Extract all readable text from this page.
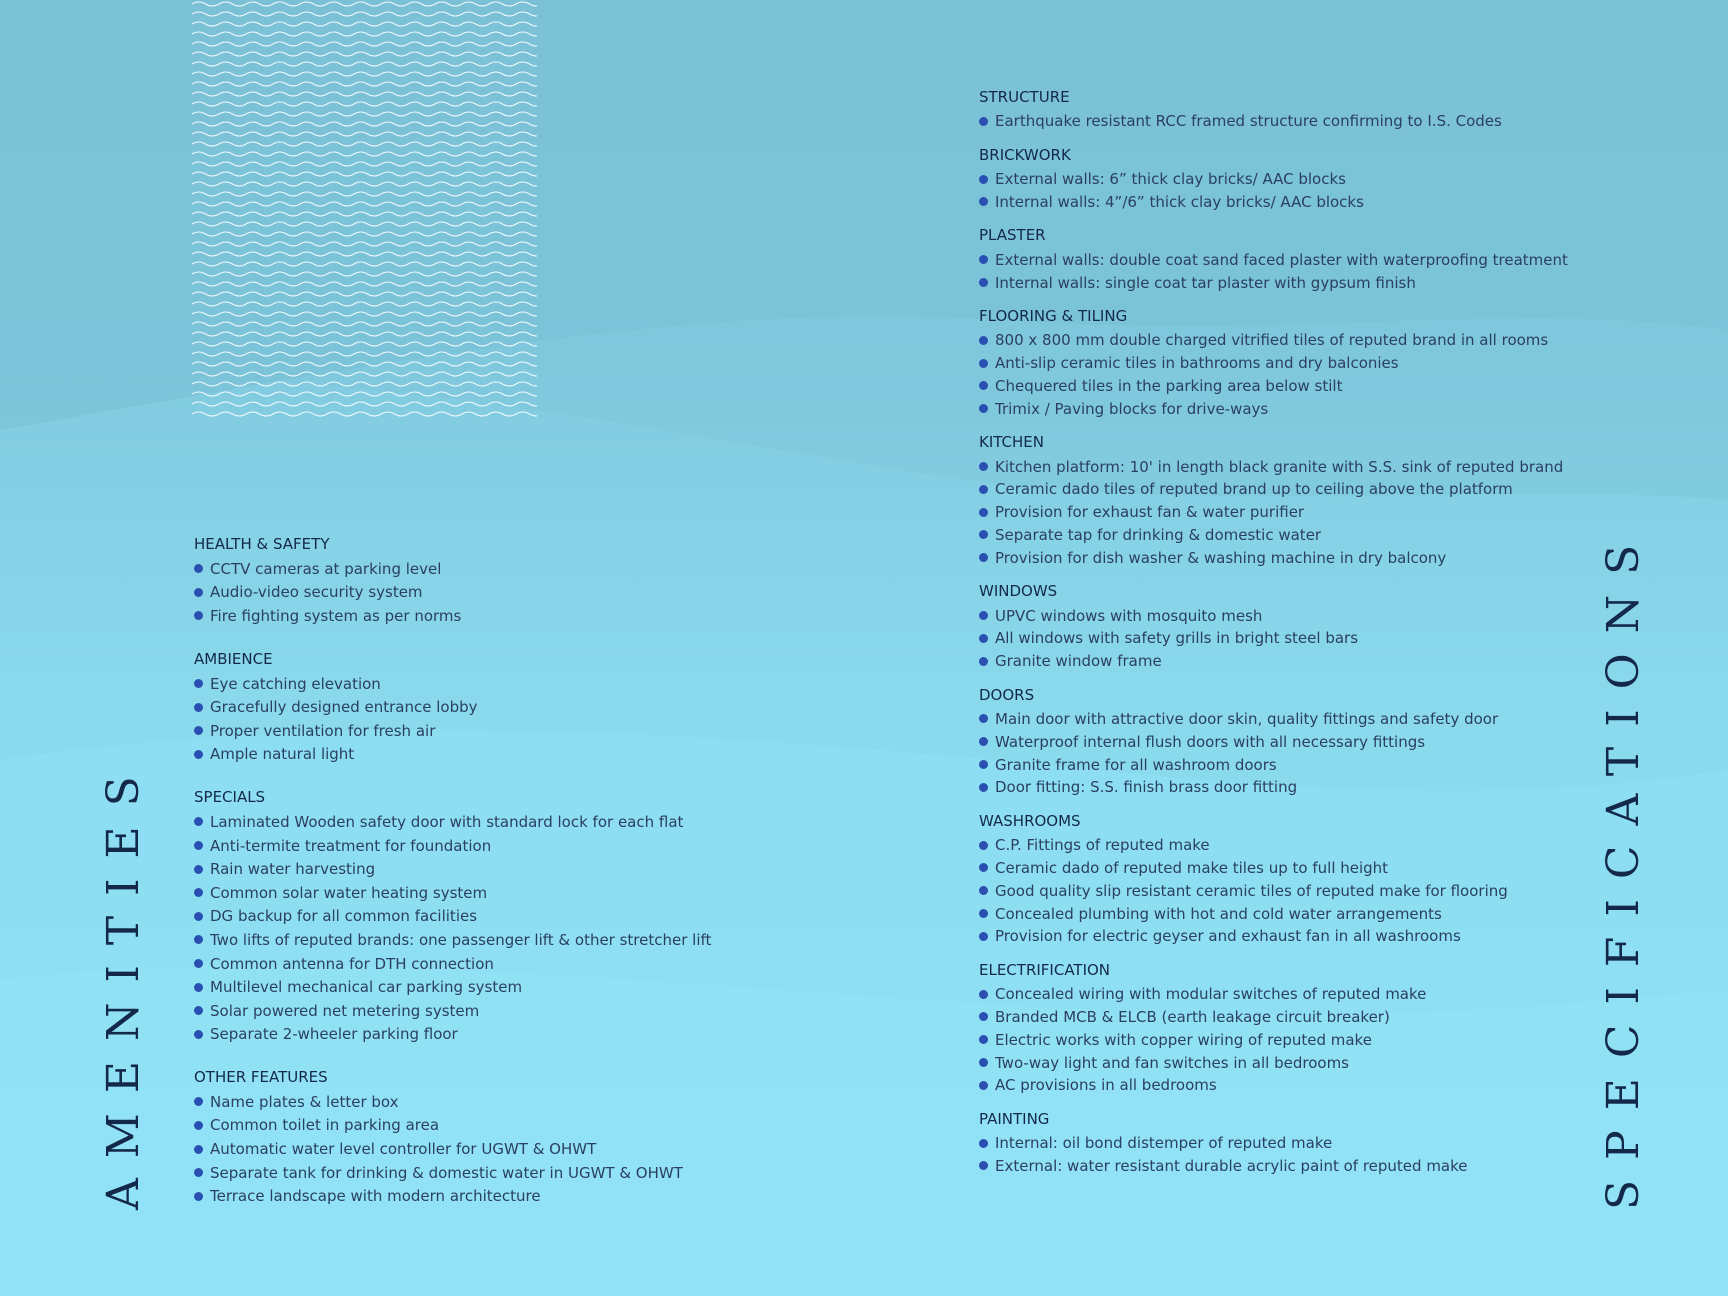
AMENITIES	SPECIFICATIONS
HEALTH & SAFETY
CCTV cameras at parking level
Audio-video security system
Fire fighting system as per norms
AMBIENCE
Eye catching elevation
Gracefully designed entrance lobby
Proper ventilation for fresh air
Ample natural light
SPECIALS
Laminated Wooden safety door with standard lock for each flat
Anti-termite treatment for foundation
Rain water harvesting
Common solar water heating system
DG backup for all common facilities
Two lifts of reputed brands: one passenger lift & other stretcher lift
Common antenna for DTH connection
Multilevel mechanical car parking system
Solar powered net metering system
Separate 2-wheeler parking floor
OTHER FEATURES
Name plates & letter box
Common toilet in parking area
Automatic water level controller for UGWT & OHWT
Separate tank for drinking & domestic water in UGWT & OHWT
Terrace landscape with modern architecture
STRUCTURE
Earthquake resistant RCC framed structure confirming to I.S. Codes
BRICKWORK
External walls: 6” thick clay bricks/ AAC blocks
Internal walls: 4”/6” thick clay bricks/ AAC blocks
PLASTER
External walls: double coat sand faced plaster with waterproofing treatment
Internal walls: single coat tar plaster with gypsum finish
FLOORING & TILING
800 x 800 mm double charged vitrified tiles of reputed brand in all rooms
Anti-slip ceramic tiles in bathrooms and dry balconies
Chequered tiles in the parking area below stilt
Trimix / Paving blocks for drive-ways
KITCHEN
Kitchen platform: 10' in length black granite with S.S. sink of reputed brand
Ceramic dado tiles of reputed brand up to ceiling above the platform
Provision for exhaust fan & water purifier
Separate tap for drinking & domestic water
Provision for dish washer & washing machine in dry balcony
WINDOWS
UPVC windows with mosquito mesh
All windows with safety grills in bright steel bars
Granite window frame
DOORS
Main door with attractive door skin, quality fittings and safety door
Waterproof internal flush doors with all necessary fittings
Granite frame for all washroom doors
Door fitting: S.S. finish brass door fitting
WASHROOMS
C.P. Fittings of reputed make
Ceramic dado of reputed make tiles up to full height
Good quality slip resistant ceramic tiles of reputed make for flooring
Concealed plumbing with hot and cold water arrangements
Provision for electric geyser and exhaust fan in all washrooms
ELECTRIFICATION
Concealed wiring with modular switches of reputed make
Branded MCB & ELCB (earth leakage circuit breaker)
Electric works with copper wiring of reputed make
Two-way light and fan switches in all bedrooms
AC provisions in all bedrooms
PAINTING
Internal: oil bond distemper of reputed make
External: water resistant durable acrylic paint of reputed make
